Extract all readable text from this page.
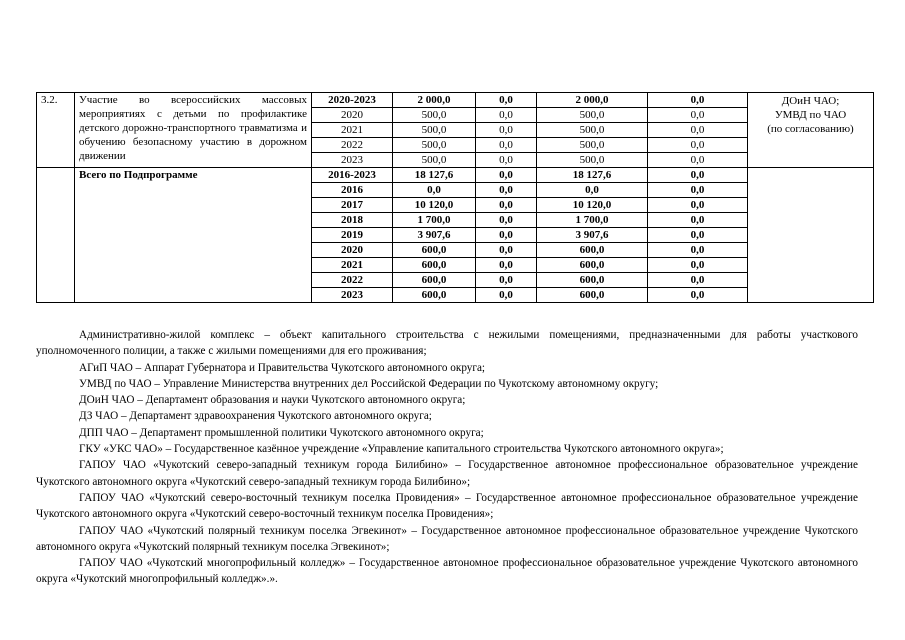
3.2.	Участие во всероссийских массовых мероприятиях с детьми по профилактике детского дорожно-транспортного травматизма и обучению безопасному участию в дорожном движении	2020-2023	2 000,0	0,0	2 000,0	0,0	ДОиН ЧАО;
УМВД по ЧАО
(по согласованию)

		2020	500,0	0,0	500,0	0,0	
		2021	500,0	0,0	500,0	0,0	
		2022	500,0	0,0	500,0	0,0	
		2023	500,0	0,0	500,0	0,0	
	Всего по Подпрограмме	2016-2023	18 127,6	0,0	18 127,6	0,0	
		2016	0,0	0,0	0,0	0,0	
		2017	10 120,0	0,0	10 120,0	0,0	
		2018	1 700,0	0,0	1 700,0	0,0	
		2019	3 907,6	0,0	3 907,6	0,0	
		2020	600,0	0,0	600,0	0,0	
		2021	600,0	0,0	600,0	0,0	
		2022	600,0	0,0	600,0	0,0	
		2023	600,0	0,0	600,0	0,0	

Административно-жилой комплекс – объект капитального строительства с нежилыми помещениями, предназначенными для работы участкового уполномоченного полиции, а также с жилыми помещениями для его проживания;

АГиП ЧАО – Аппарат Губернатора и Правительства Чукотского автономного округа;

УМВД по ЧАО – Управление Министерства внутренних дел Российской Федерации по Чукотскому автономному округу;

ДОиН ЧАО – Департамент образования и науки Чукотского автономного округа;

ДЗ ЧАО – Департамент здравоохранения Чукотского автономного округа;

ДПП ЧАО – Департамент промышленной политики Чукотского автономного округа;

ГКУ «УКС ЧАО» – Государственное казённое учреждение «Управление капитального строительства Чукотского автономного округа»;

ГАПОУ ЧАО «Чукотский северо-западный техникум города Билибино» – Государственное автономное профессиональное образовательное учреждение Чукотского автономного округа «Чукотский северо-западный техникум города Билибино»;

ГАПОУ ЧАО «Чукотский северо-восточный техникум поселка Провидения» – Государственное автономное профессиональное образовательное учреждение Чукотского автономного округа «Чукотский северо-восточный техникум поселка Провидения»;

ГАПОУ ЧАО «Чукотский полярный техникум поселка Эгвекинот» – Государственное автономное профессиональное образовательное учреждение Чукотского автономного округа «Чукотский полярный техникум поселка Эгвекинот»;

ГАПОУ ЧАО «Чукотский многопрофильный колледж» – Государственное автономное профессиональное образовательное учреждение Чукотского автономного округа «Чукотский многопрофильный колледж».».
